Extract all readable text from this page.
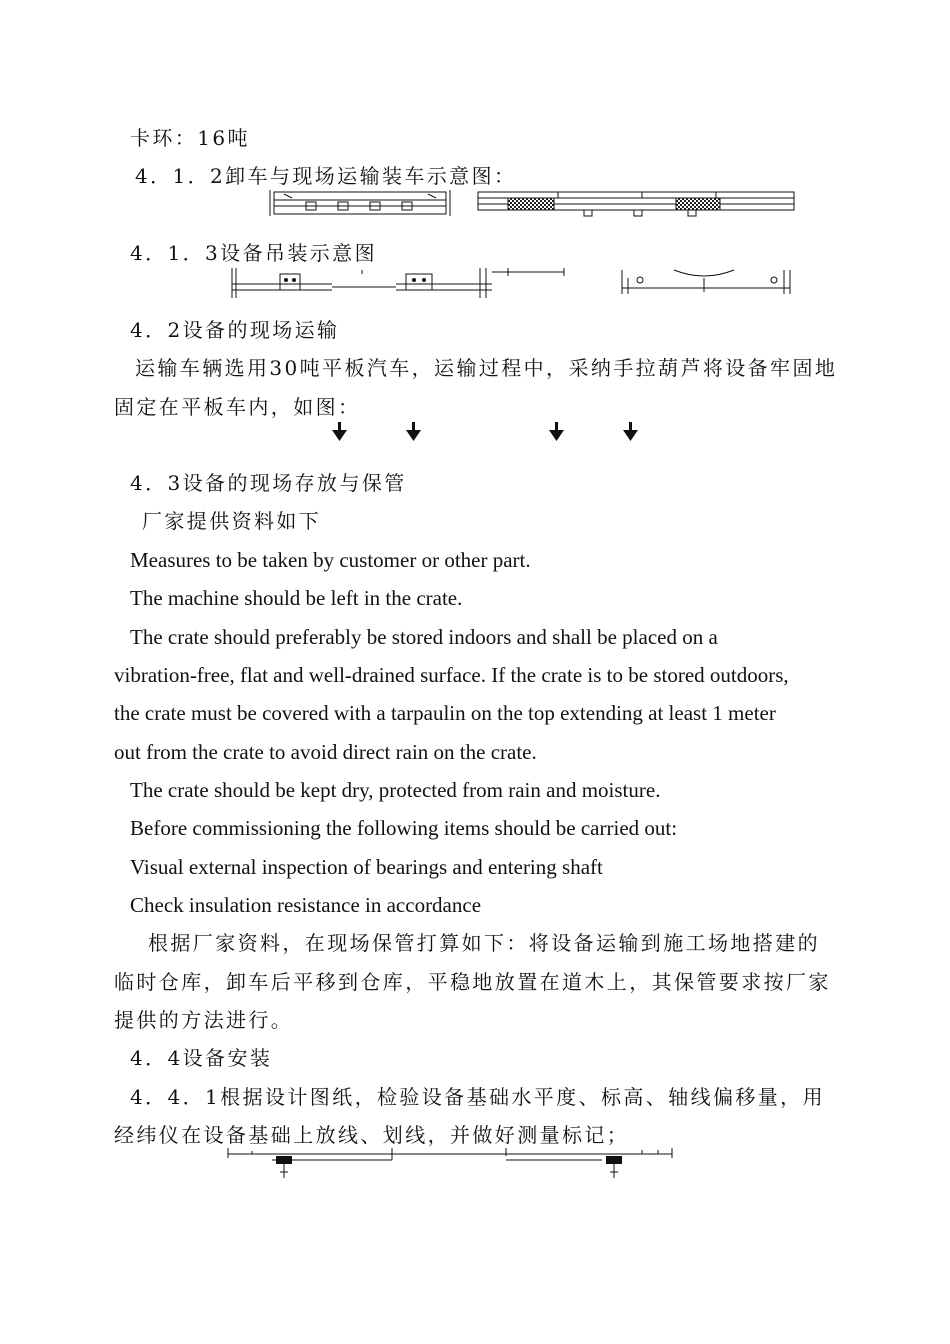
卡环：16吨
4．1．2卸车与现场运输装车示意图：
4．1．3设备吊装示意图
4．2设备的现场运输
运输车辆选用30吨平板汽车，运输过程中，采纳手拉葫芦将设备牢固地
固定在平板车内，如图：
4．3设备的现场存放与保管
厂家提供资料如下
Measures to be taken by customer or other part.
The machine should be left in the crate.
The crate should preferably be stored indoors and shall be placed on a
vibration-free, flat and well-drained surface. If the crate is to be stored outdoors,
the crate must be covered with a tarpaulin on the top extending at least 1 meter
out from the crate to avoid direct rain on the crate.
The crate should be kept dry, protected from rain and moisture.
Before commissioning the following items should be carried out:
Visual external inspection of bearings and entering shaft
Check insulation resistance in accordance
根据厂家资料，在现场保管打算如下：将设备运输到施工场地搭建的
临时仓库，卸车后平移到仓库，平稳地放置在道木上，其保管要求按厂家
提供的方法进行。
4．4设备安装
4．4．1根据设计图纸，检验设备基础水平度、标高、轴线偏移量，用
经纬仪在设备基础上放线、划线，并做好测量标记；
